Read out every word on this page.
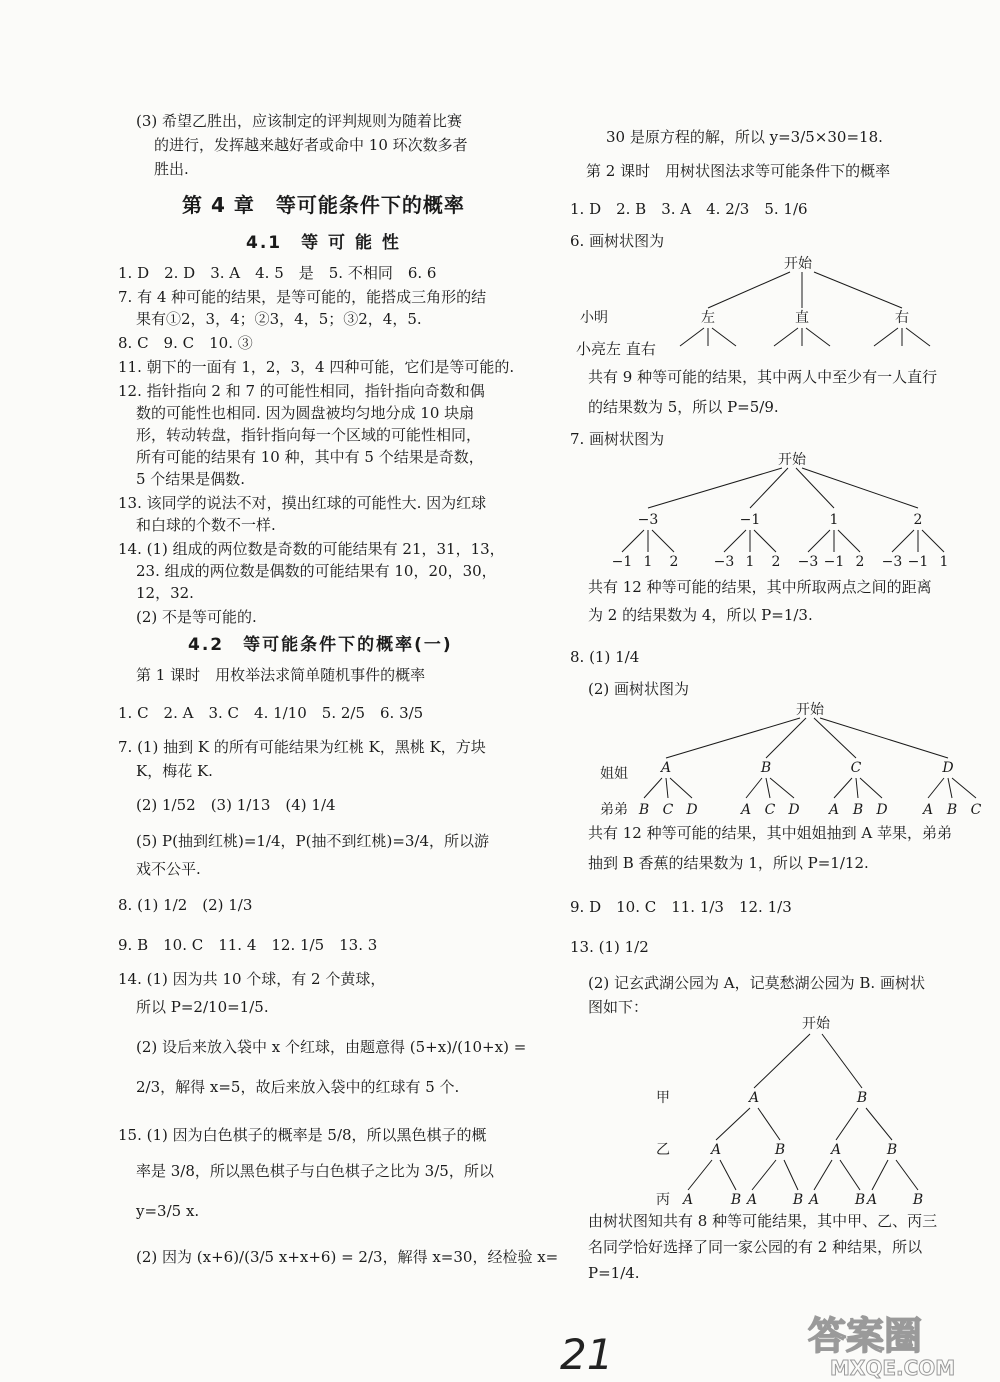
(3) 希望乙胜出，应该制定的评判规则为随着比赛
的进行，发挥越来越好者或命中 10 环次数多者
胜出.
第 4 章　等可能条件下的概率
4.1　等 可 能 性
1. D　2. D　3. A　4. 5　是　5. 不相同　6. 6
7. 有 4 种可能的结果，是等可能的，能搭成三角形的结
果有①2，3，4；②3，4，5；③2，4，5.
8. C　9. C　10. ③
11. 朝下的一面有 1，2，3，4 四种可能，它们是等可能的.
12. 指针指向 2 和 7 的可能性相同，指针指向奇数和偶
数的可能性也相同. 因为圆盘被均匀地分成 10 块扇
形，转动转盘，指针指向每一个区域的可能性相同，
所有可能的结果有 10 种，其中有 5 个结果是奇数，
5 个结果是偶数.
13. 该同学的说法不对，摸出红球的可能性大. 因为红球
和白球的个数不一样.
14. (1) 组成的两位数是奇数的可能结果有 21，31，13，
23. 组成的两位数是偶数的可能结果有 10，20，30，
12，32.
(2) 不是等可能的.
4.2　等可能条件下的概率(一)
第 1 课时　用枚举法求简单随机事件的概率
1. C　2. A　3. C　4. 1/10　5. 2/5　6. 3/5
7. (1) 抽到 K 的所有可能结果为红桃 K，黑桃 K，方块
K，梅花 K.
(2) 1/52　(3) 1/13　(4) 1/4
(5) P(抽到红桃)=1/4，P(抽不到红桃)=3/4，所以游
戏不公平.
8. (1) 1/2　(2) 1/3
9. B　10. C　11. 4　12. 1/5　13. 3
14. (1) 因为共 10 个球，有 2 个黄球，
所以 P=2/10=1/5.
(2) 设后来放入袋中 x 个红球，由题意得 (5+x)/(10+x) =
2/3，解得 x=5，故后来放入袋中的红球有 5 个.
15. (1) 因为白色棋子的概率是 5/8，所以黑色棋子的概
率是 3/8，所以黑色棋子与白色棋子之比为 3/5，所以
y=3/5 x.
(2) 因为 (x+6)/(3/5 x+x+6) = 2/3，解得 x=30，经检验 x=
30 是原方程的解，所以 y=3/5×30=18.
第 2 课时　用树状图法求等可能条件下的概率
1. D　2. B　3. A　4. 2/3　5. 1/6
6. 画树状图为
开始
小明	左	直	右
小亮左 直右
共有 9 种等可能的结果，其中两人中至少有一人直行
的结果数为 5，所以 P=5/9.
7. 画树状图为
开始
−3	−1	1	2
−1 1 2	−3 1 2 −3 −1 2 −3 −1 1
共有 12 种等可能的结果，其中所取两点之间的距离
为 2 的结果数为 4，所以 P=1/3.
8. (1) 1/4
(2) 画树状图为
开始
姐姐 A	B	C	D
弟弟 B C D	A C D A B D	A B C
共有 12 种等可能的结果，其中姐姐抽到 A 苹果，弟弟
抽到 B 香蕉的结果数为 1，所以 P=1/12.
9. D　10. C　11. 1/3　12. 1/3
13. (1) 1/2
(2) 记玄武湖公园为 A，记莫愁湖公园为 B. 画树状
图如下：
开始
甲	A	B
乙	A	B	A	B
丙 A	B A	B A	B A	B
由树状图知共有 8 种等可能结果，其中甲、乙、丙三
名同学恰好选择了同一家公园的有 2 种结果，所以
P=1/4.
21	答案圈
MXQE.COM
